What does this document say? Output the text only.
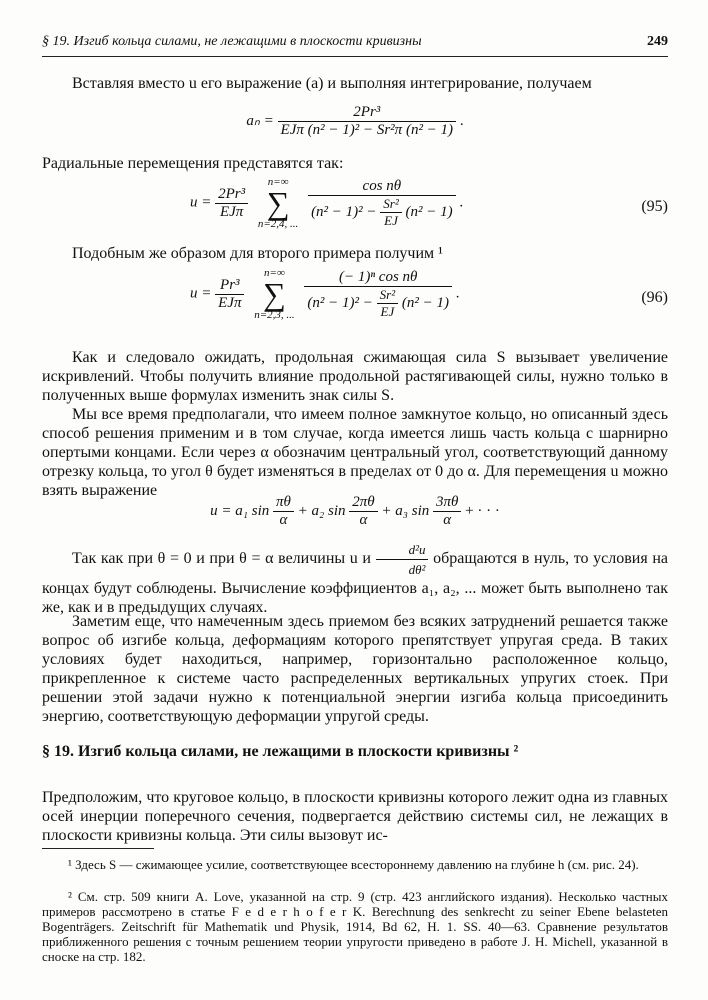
§ 19. Изгиб кольца силами, не лежащими в плоскости кривизны	249
Вставляя вместо u его выражение (а) и выполняя интегрирование, получаем
$a_n = \frac{\text{2Pr³}}{\text{EJπ (n² − 1)² − Sr²π (n² − 1)}}$ .
Радиальные перемещения представятся так:
$u = \frac{\text{2Pr³}}{\text{EJπ}}$
n=∞
∑
n=2,4, ...
cos nθ
$(n^2 - 1)^2 - \frac{\text{Sr²}}{EJ} (n^2 - 1)$
.	(95)
Подобным же образом для второго примера получим ¹
$u = \frac{\text{Pr³}}{\text{EJπ}}$
n=∞
∑
n=2,3, ...
(− 1)ⁿ cos nθ
$(n^2 - 1)^2 - \frac{\text{Sr²}}{EJ} (n^2 - 1)$
.	(96)
Как и следовало ожидать, продольная сжимающая сила S вызывает увеличение искривлений. Чтобы получить влияние продольной растягивающей силы, нужно только в полученных выше формулах изменить знак силы S.
Мы все время предполагали, что имеем полное замкнутое кольцо, но описанный здесь способ решения применим и в том случае, когда имеется лишь часть кольца с шарнирно опертыми концами. Если через α обозначим центральный угол, соответствующий данному отрезку кольца, то угол θ будет изменяться в пределах от 0 до α. Для перемещения u можно взять выражение
u = a₁ $\sin \frac{\pi\theta}{\alpha} + a_2$ $\sin \frac{2\pi\theta}{\alpha} + a_3$ $\sin \frac{3\pi\theta}{\alpha}$ + · · ·
Так как при θ = 0 и при θ = α величины u и $\frac{\text{d²u}}{\text{dθ²}}$ обращаются в нуль, то условия на концах будут соблюдены. Вычисление коэффициентов a₁, a₂, ... может быть выполнено так же, как и в предыдущих случаях.
Заметим еще, что намеченным здесь приемом без всяких затруднений решается также вопрос об изгибе кольца, деформациям которого препятствует упругая среда. В таких условиях будет находиться, например, горизонтально расположенное кольцо, прикрепленное к системе часто распределенных вертикальных упругих стоек. При решении этой задачи нужно к потенциальной энергии изгиба кольца присоединить энергию, соответствующую деформации упругой среды.
§ 19. Изгиб кольца силами, не лежащими в плоскости кривизны ²
Предположим, что круговое кольцо, в плоскости кривизны которого лежит одна из главных осей инерции поперечного сечения, подвергается действию системы сил, не лежащих в плоскости кривизны кольца. Эти силы вызовут ис-
¹ Здесь S — сжимающее усилие, соответствующее всестороннему давлению на глубине h (см. рис. 24).
² См. стр. 509 книги A. Love, указанной на стр. 9 (стр. 423 английского издания). Несколько частных примеров рассмотрено в статье F e d e r h o f e r K. Berechnung des senkrecht zu seiner Ebene belasteten Bogenträgers. Zeitschrift für Mathematik und Physik, 1914, Bd 62, H. 1. SS. 40—63. Сравнение результатов приближенного решения с точным решением теории упругости приведено в работе J. H. Michell, указанной в сноске на стр. 182.
